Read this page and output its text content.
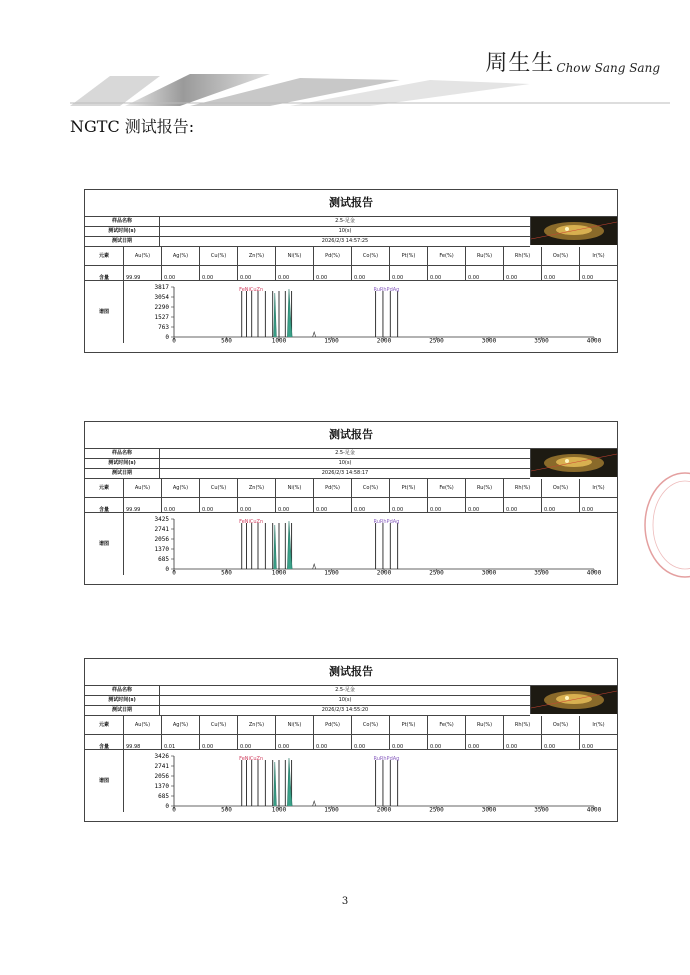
周生生 Chow Sang Sang
NGTC 测试报告:
测试报告
样品名称	2.5-足金
测试时间(s)	10(s)
测试日期	2026/2/3 14:57:25
元素	Au(%)	Ag(%)	Cu(%)	Zn(%)	Ni(%)	Pd(%)	Co(%)	Pt(%)	Fe(%)	Ru(%)	Rh(%)	Os(%)	Ir(%)
含量	99.99	0.00	0.00	0.00	0.00	0.00	0.00	0.00	0.00	0.00	0.00	0.00	0.00
谱图
3817
3054
2290
1527
763
0 0	500	1000	1500	2000	2500	3000	3500	4000
FeNiCuZn	RuRhPdAg
测试报告
样品名称	2.5-足金
测试时间(s)	10(s)
测试日期	2026/2/3 14:58:17
元素	Au(%)	Ag(%)	Cu(%)	Zn(%)	Ni(%)	Pd(%)	Co(%)	Pt(%)	Fe(%)	Ru(%)	Rh(%)	Os(%)	Ir(%)
含量	99.99	0.00	0.00	0.00	0.00	0.00	0.00	0.00	0.00	0.00	0.00	0.00	0.00
谱图
3425
2741
2056
1370
685
0 0	500	1000	1500	2000	2500	3000	3500	4000
FeNiCuZn	RuRhPdAg
测试报告
样品名称	2.5-足金
测试时间(s)	10(s)
测试日期	2026/2/3 14:55:20
元素	Au(%)	Ag(%)	Cu(%)	Zn(%)	Ni(%)	Pd(%)	Co(%)	Pt(%)	Fe(%)	Ru(%)	Rh(%)	Os(%)	Ir(%)
含量	99.98	0.01	0.00	0.00	0.00	0.00	0.00	0.00	0.00	0.00	0.00	0.00	0.00
谱图
3426
2741
2056
1370
685
0 0	500	1000	1500	2000	2500	3000	3500	4000
FeNiCuZn	RuRhPdAg
3
